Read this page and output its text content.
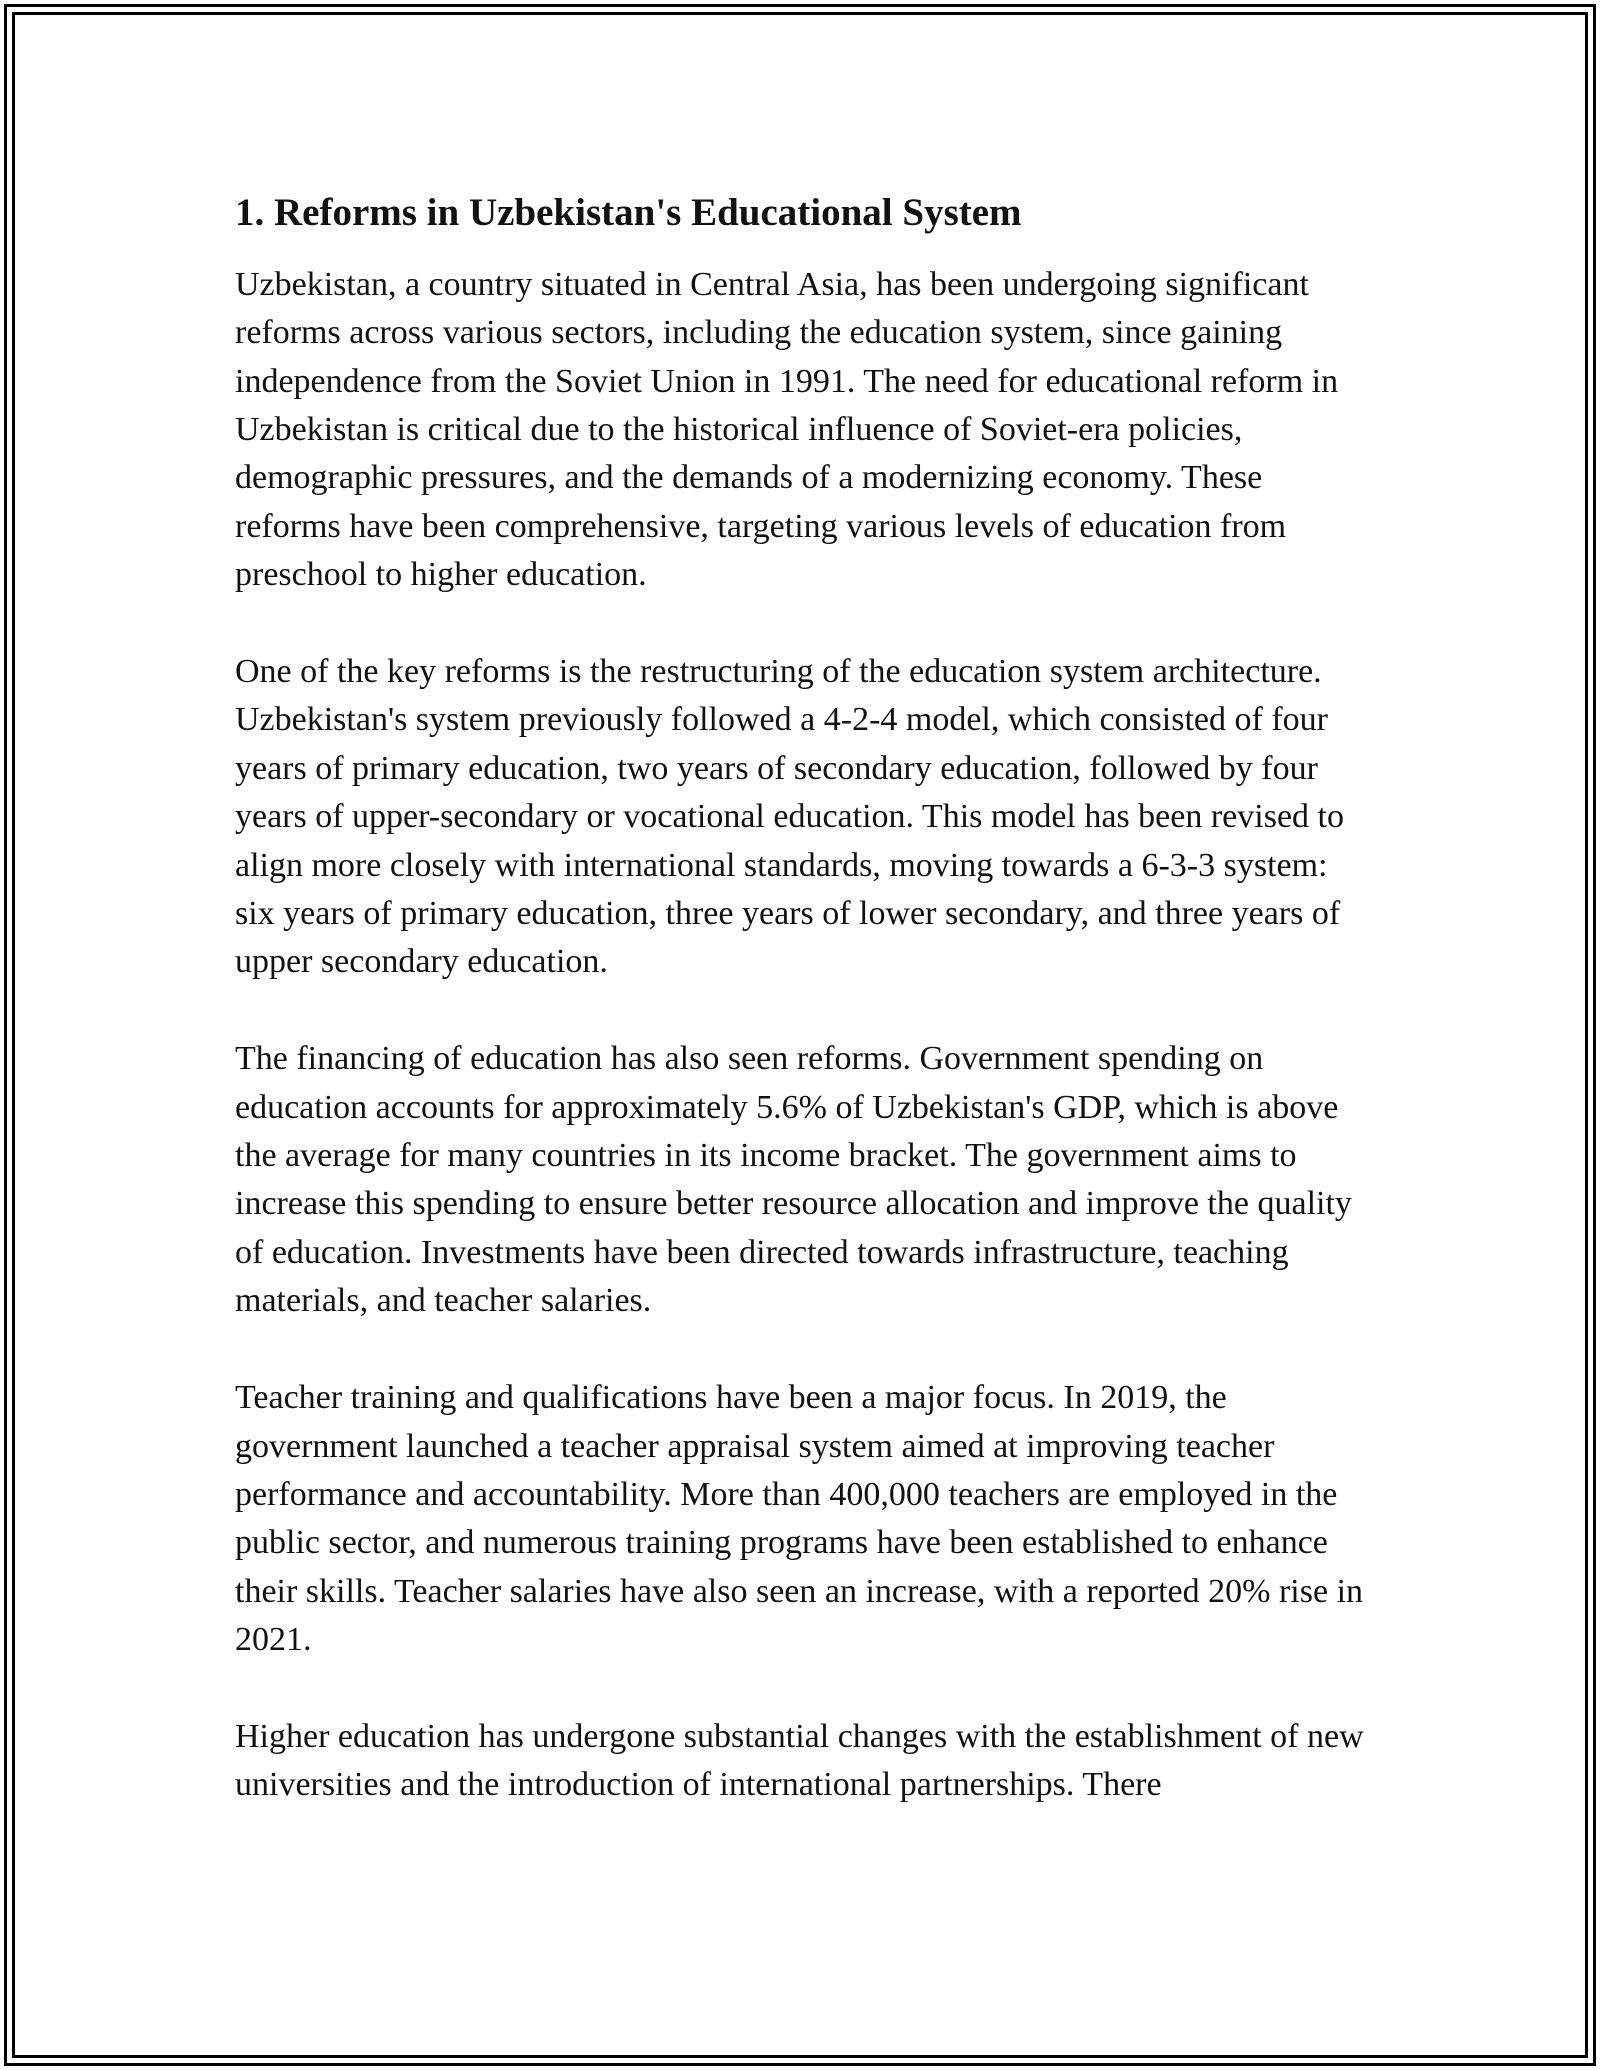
1. Reforms in Uzbekistan's Educational System

Uzbekistan, a country situated in Central Asia, has been undergoing significant reforms across various sectors, including the education system, since gaining independence from the Soviet Union in 1991. The need for educational reform in Uzbekistan is critical due to the historical influence of Soviet-era policies, demographic pressures, and the demands of a modernizing economy. These reforms have been comprehensive, targeting various levels of education from preschool to higher education.

One of the key reforms is the restructuring of the education system architecture. Uzbekistan's system previously followed a 4-2-4 model, which consisted of four years of primary education, two years of secondary education, followed by four years of upper-secondary or vocational education. This model has been revised to align more closely with international standards, moving towards a 6-3-3 system: six years of primary education, three years of lower secondary, and three years of upper secondary education.

The financing of education has also seen reforms. Government spending on education accounts for approximately 5.6% of Uzbekistan's GDP, which is above the average for many countries in its income bracket. The government aims to increase this spending to ensure better resource allocation and improve the quality of education. Investments have been directed towards infrastructure, teaching materials, and teacher salaries.

Teacher training and qualifications have been a major focus. In 2019, the government launched a teacher appraisal system aimed at improving teacher performance and accountability. More than 400,000 teachers are employed in the public sector, and numerous training programs have been established to enhance their skills. Teacher salaries have also seen an increase, with a reported 20% rise in 2021.

Higher education has undergone substantial changes with the establishment of new universities and the introduction of international partnerships. There
